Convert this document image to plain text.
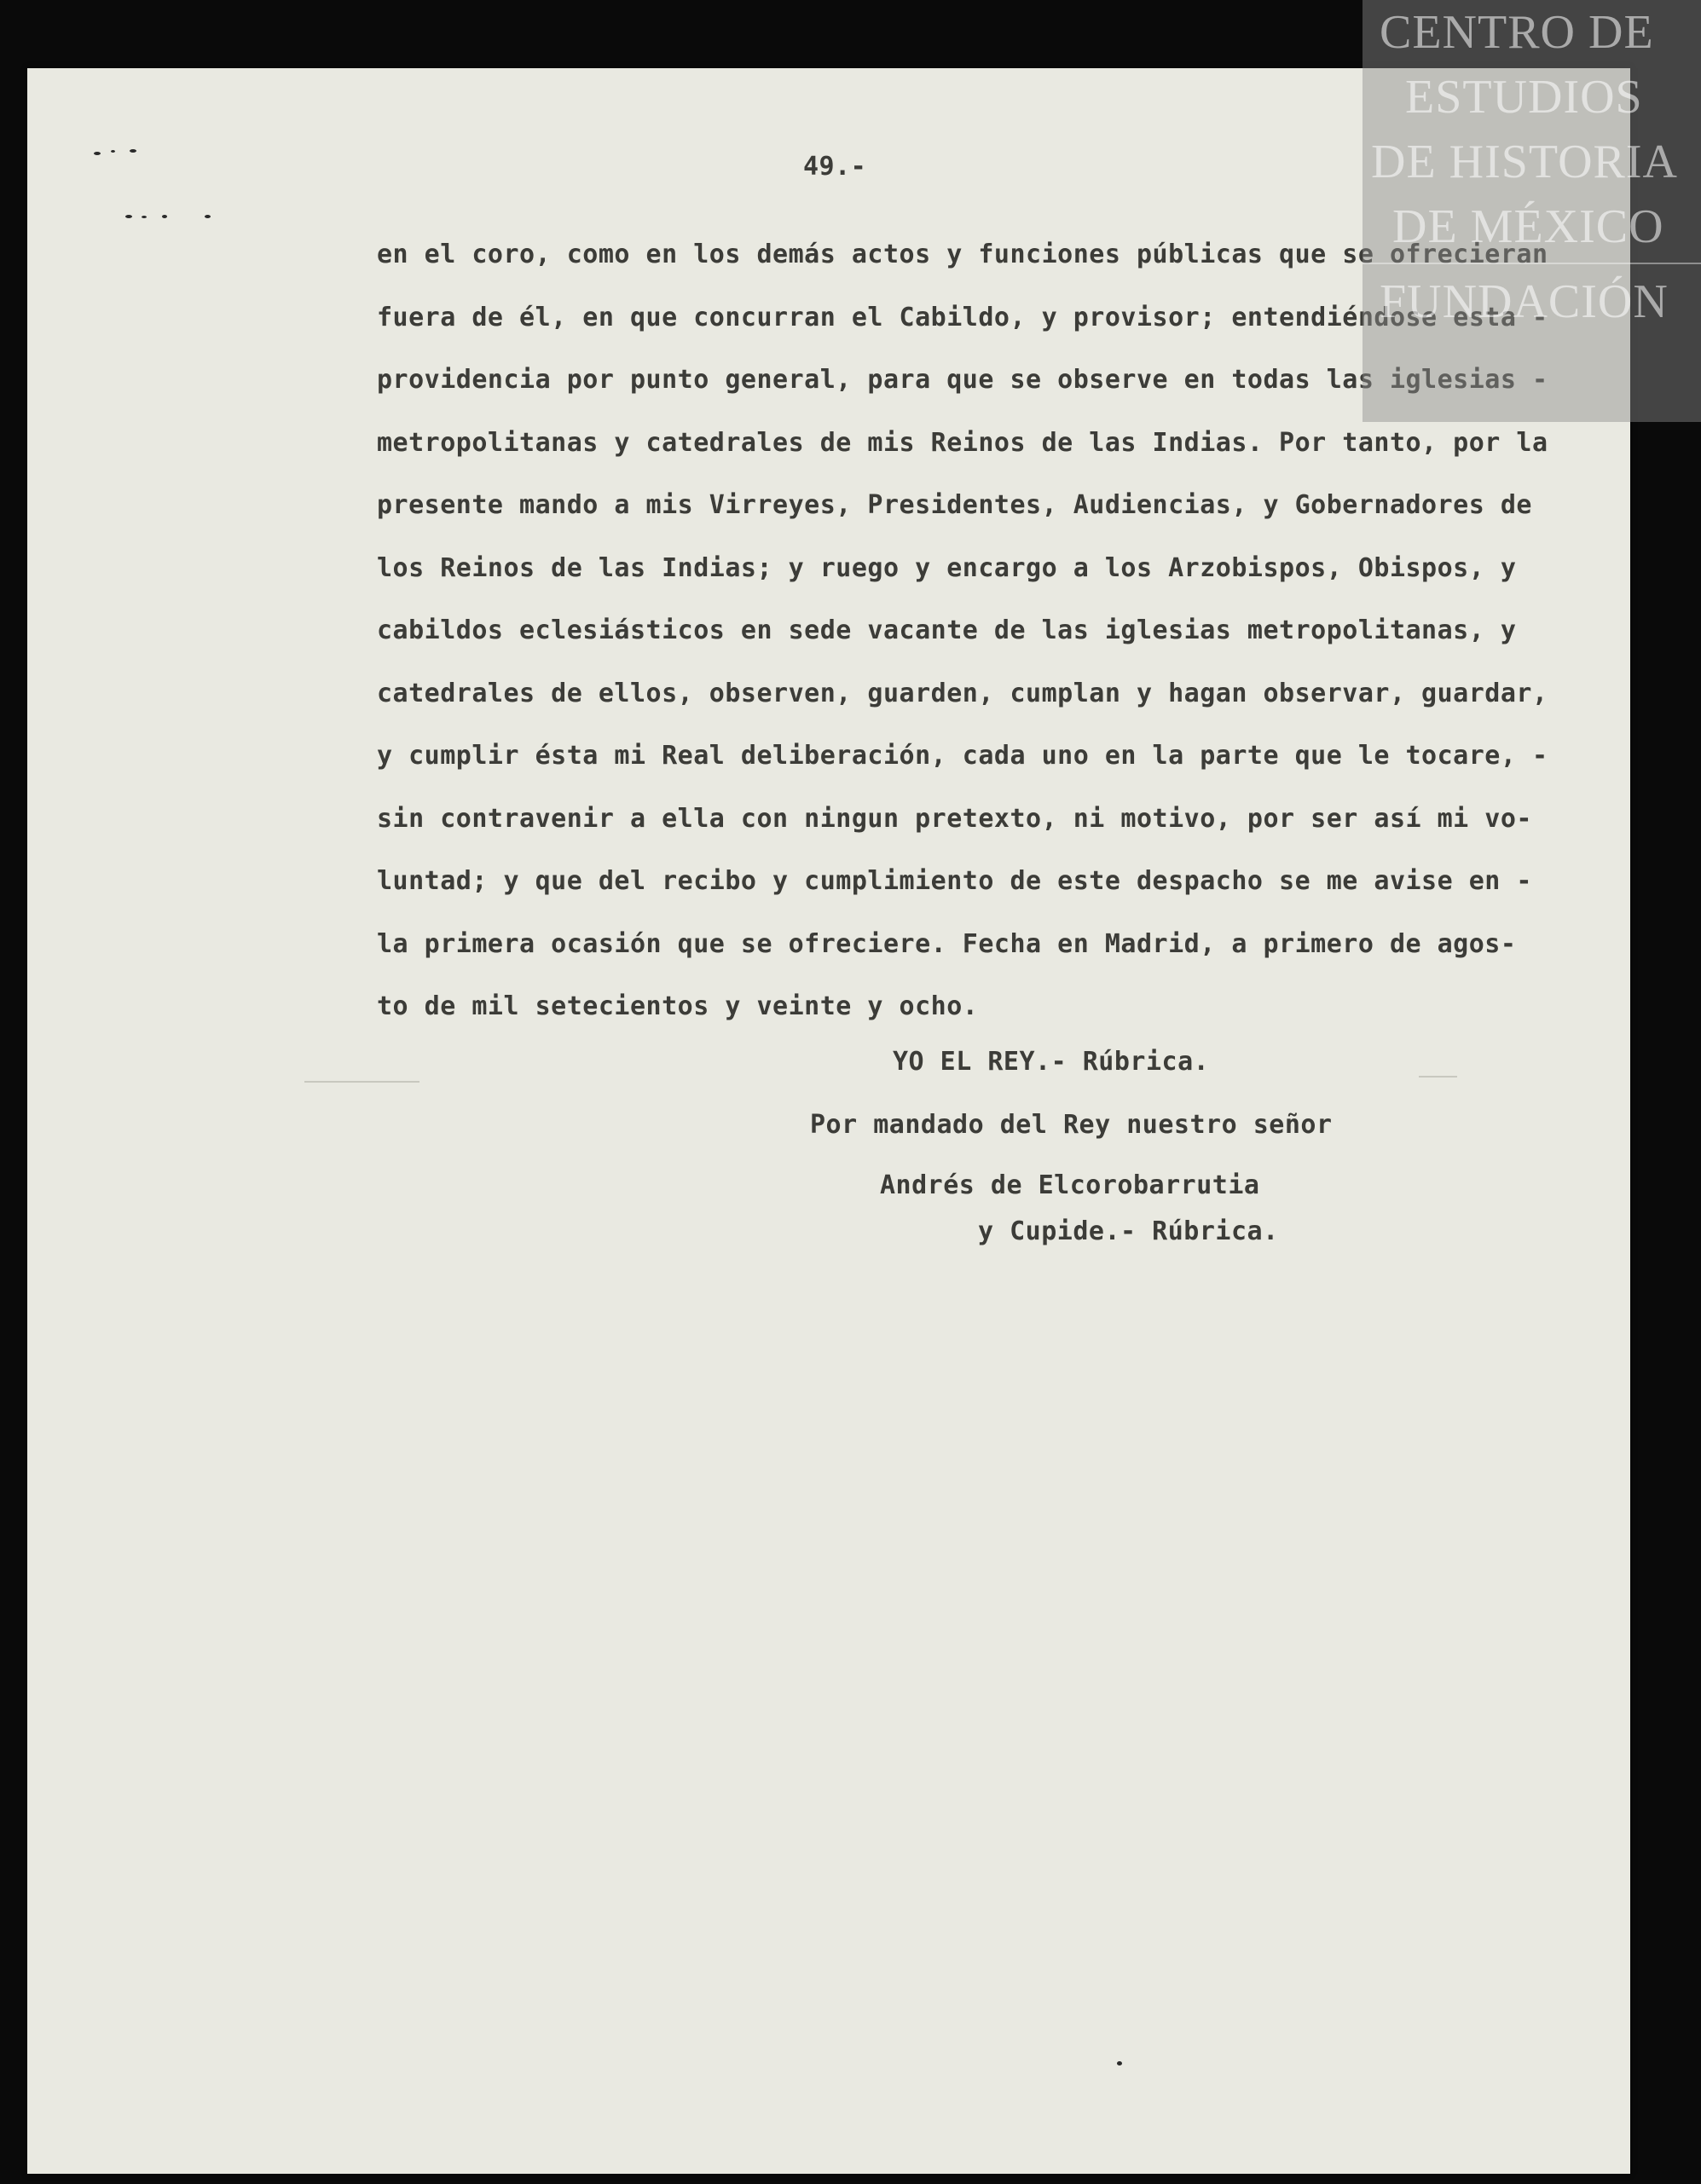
49.-
en el coro, como en los demás actos y funciones públicas que se ofrecieran
fuera de él, en que concurran el Cabildo, y provisor; entendiéndose esta -
providencia por punto general, para que se observe en todas las iglesias -
metropolitanas y catedrales de mis Reinos de las Indias. Por tanto, por la
presente mando a mis Virreyes, Presidentes, Audiencias, y Gobernadores de
los Reinos de las Indias; y ruego y encargo a los Arzobispos, Obispos, y
cabildos eclesiásticos en sede vacante de las iglesias metropolitanas, y
catedrales de ellos, observen, guarden, cumplan y hagan observar, guardar,
y cumplir ésta mi Real deliberación, cada uno en la parte que le tocare, -
sin contravenir a ella con ningun pretexto, ni motivo, por ser así mi vo-
luntad; y que del recibo y cumplimiento de este despacho se me avise en -
la primera ocasión que se ofreciere. Fecha en Madrid, a primero de agos-
to de mil setecientos y veinte y ocho.
YO EL REY.- Rúbrica.
Por mandado del Rey nuestro señor
Andrés de Elcorobarrutia
y Cupide.- Rúbrica.
CENTRO DE
ESTUDIOS
DE HISTORIA
DE MÉXICO
FUNDACIÓN
